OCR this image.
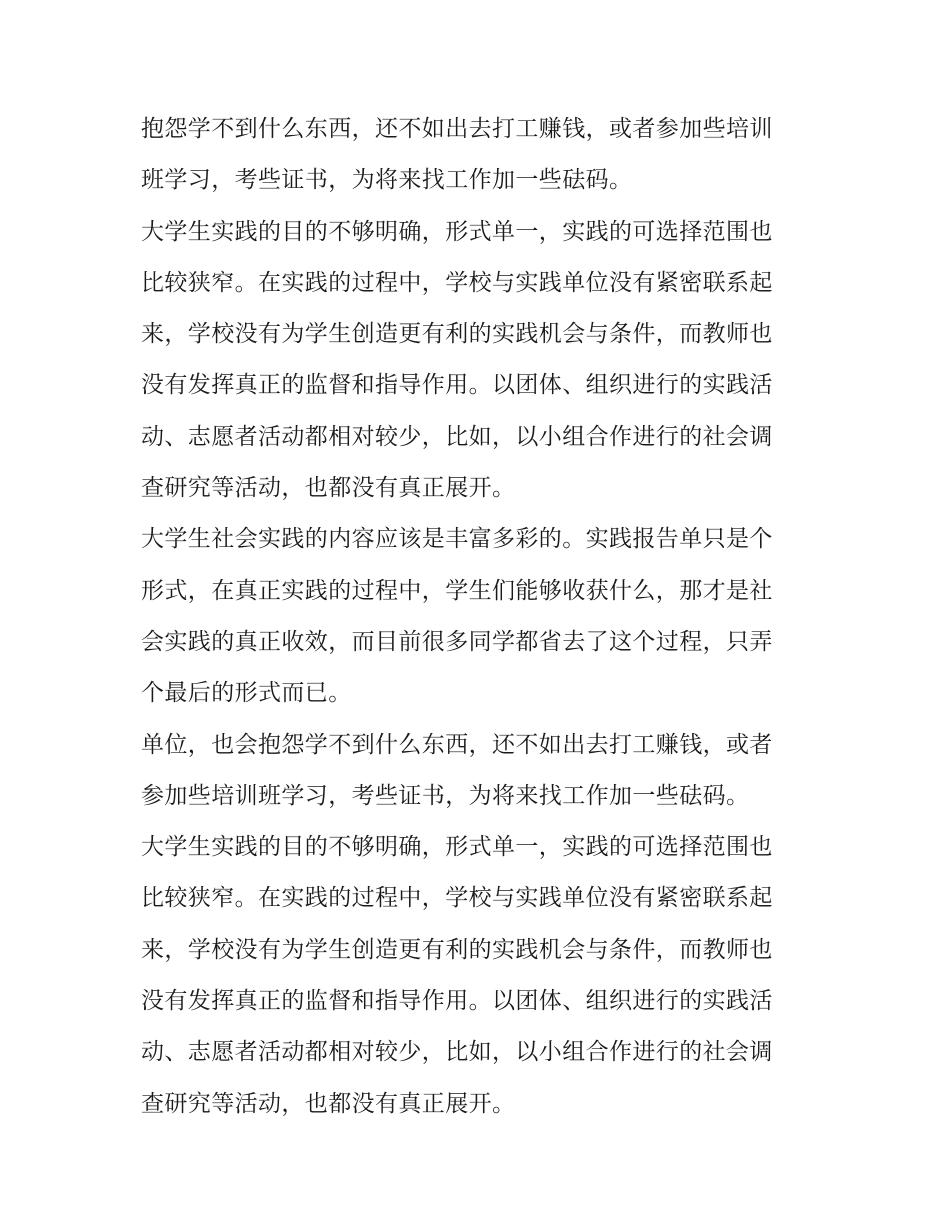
抱怨学不到什么东西，还不如出去打工赚钱，或者参加些培训
班学习，考些证书，为将来找工作加一些砝码。
大学生实践的目的不够明确，形式单一，实践的可选择范围也
比较狭窄。在实践的过程中，学校与实践单位没有紧密联系起
来，学校没有为学生创造更有利的实践机会与条件，而教师也
没有发挥真正的监督和指导作用。以团体、组织进行的实践活
动、志愿者活动都相对较少，比如，以小组合作进行的社会调
查研究等活动，也都没有真正展开。
大学生社会实践的内容应该是丰富多彩的。实践报告单只是个
形式，在真正实践的过程中，学生们能够收获什么，那才是社
会实践的真正收效，而目前很多同学都省去了这个过程，只弄
个最后的形式而已。
单位，也会抱怨学不到什么东西，还不如出去打工赚钱，或者
参加些培训班学习，考些证书，为将来找工作加一些砝码。
大学生实践的目的不够明确，形式单一，实践的可选择范围也
比较狭窄。在实践的过程中，学校与实践单位没有紧密联系起
来，学校没有为学生创造更有利的实践机会与条件，而教师也
没有发挥真正的监督和指导作用。以团体、组织进行的实践活
动、志愿者活动都相对较少，比如，以小组合作进行的社会调
查研究等活动，也都没有真正展开。
